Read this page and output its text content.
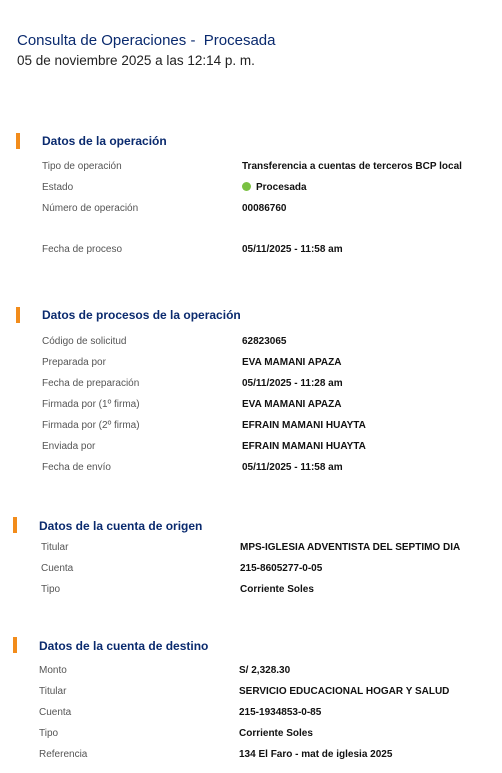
Consulta de Operaciones -  Procesada
05 de noviembre 2025 a las 12:14 p. m.
Datos de la operación
Tipo de operación	Transferencia a cuentas de terceros BCP local
Estado	Procesada
Número de operación	00086760
Fecha de proceso	05/11/2025 - 11:58 am
Datos de procesos de la operación
Código de solicitud	62823065
Preparada por	EVA MAMANI APAZA
Fecha de preparación	05/11/2025 - 11:28 am
Firmada por (1º firma)	EVA MAMANI APAZA
Firmada por (2º firma)	EFRAIN MAMANI HUAYTA
Enviada por	EFRAIN MAMANI HUAYTA
Fecha de envío	05/11/2025 - 11:58 am
Datos de la cuenta de origen
Titular	MPS-IGLESIA ADVENTISTA DEL SEPTIMO DIA
Cuenta	215-8605277-0-05
Tipo	Corriente Soles
Datos de la cuenta de destino
Monto	S/ 2,328.30
Titular	SERVICIO EDUCACIONAL HOGAR Y SALUD
Cuenta	215-1934853-0-85
Tipo	Corriente Soles
Referencia	134 El Faro - mat de iglesia 2025
